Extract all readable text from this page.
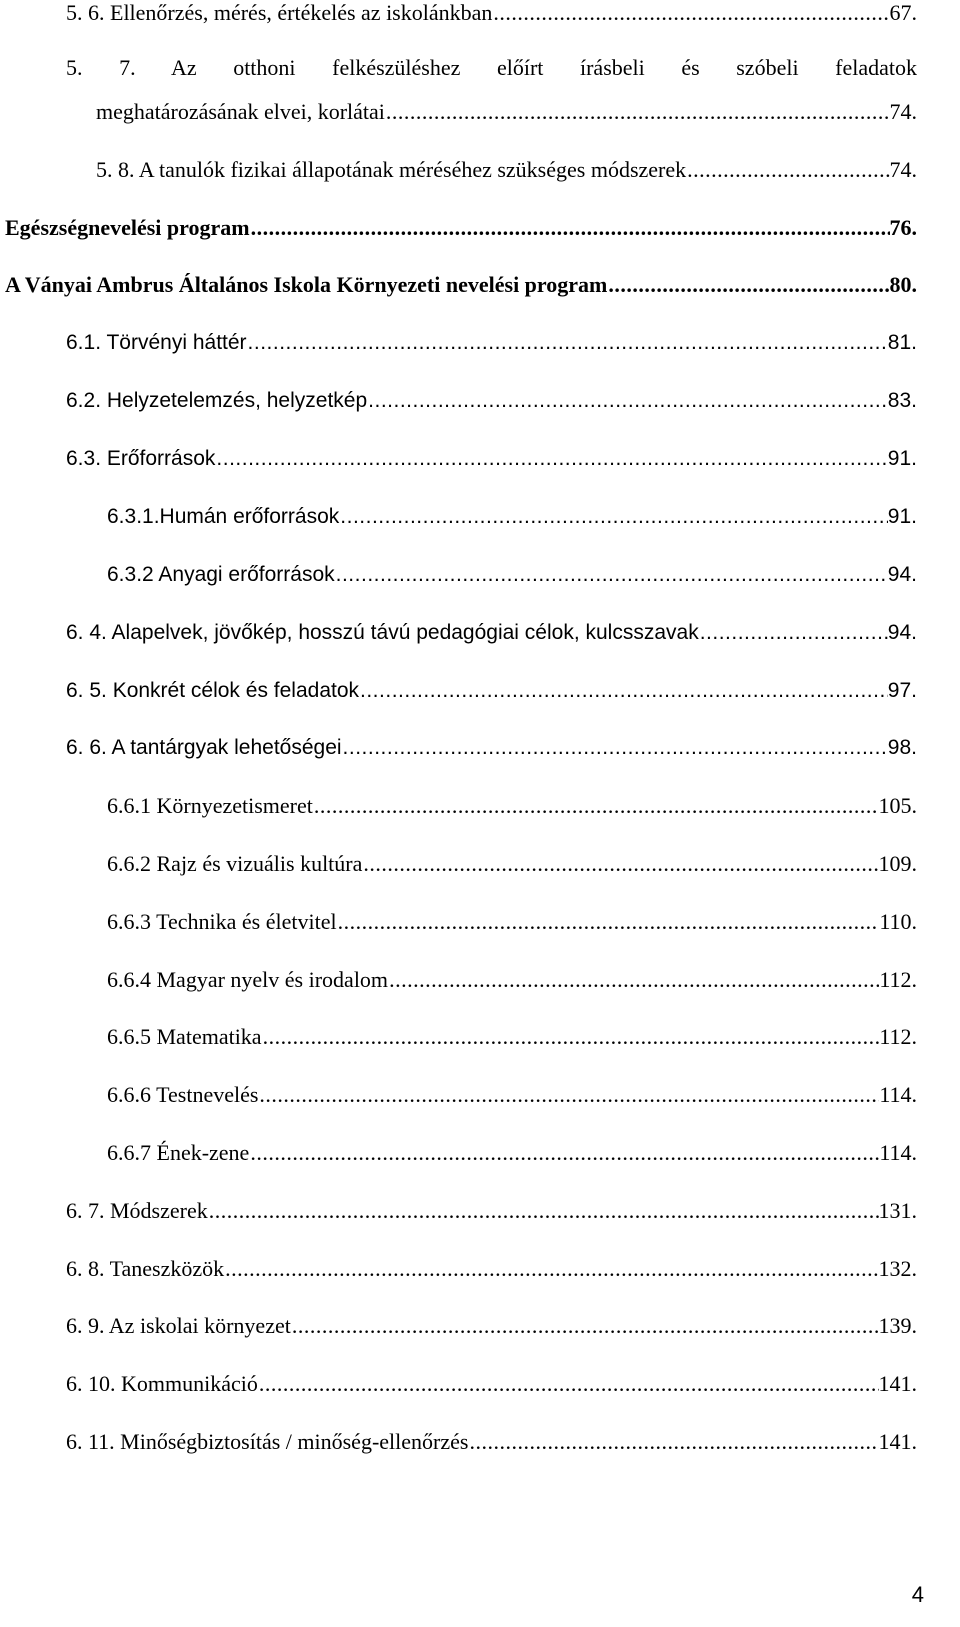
5. 6. Ellenőrzés, mérés, értékelés az iskolánkban .....	67.
5. 7. Az otthoni felkészüléshez előírt írásbeli és szóbeli feladatok
meghatározásának elvei, korlátai .....	74.
5. 8. A tanulók fizikai állapotának méréséhez szükséges módszerek .....	74.
Egészségnevelési program .....	76.
A Ványai Ambrus Általános Iskola Környezeti nevelési program .....	80.
6.1. Törvényi háttér .....	81.
6.2. Helyzetelemzés, helyzetkép .....	83.
6.3. Erőforrások .....	91.
6.3.1.Humán erőforrások .....	91.
6.3.2 Anyagi erőforrások .....	94.
6. 4. Alapelvek, jövőkép, hosszú távú pedagógiai célok, kulcsszavak .....	94.
6. 5. Konkrét célok és feladatok .....	97.
6. 6. A tantárgyak lehetőségei .....	98.
6.6.1 Környezetismeret .....	105.
6.6.2 Rajz és vizuális kultúra .....	109.
6.6.3 Technika és életvitel .....	110.
6.6.4 Magyar nyelv és irodalom .....	112.
6.6.5 Matematika .....	112.
6.6.6 Testnevelés .....	114.
6.6.7 Ének-zene .....	114.
6. 7. Módszerek .....	131.
6. 8. Taneszközök .....	132.
6. 9. Az iskolai környezet .....	139.
6. 10. Kommunikáció .....	141.
6. 11. Minőségbiztosítás / minőség-ellenőrzés .....	141.
4
